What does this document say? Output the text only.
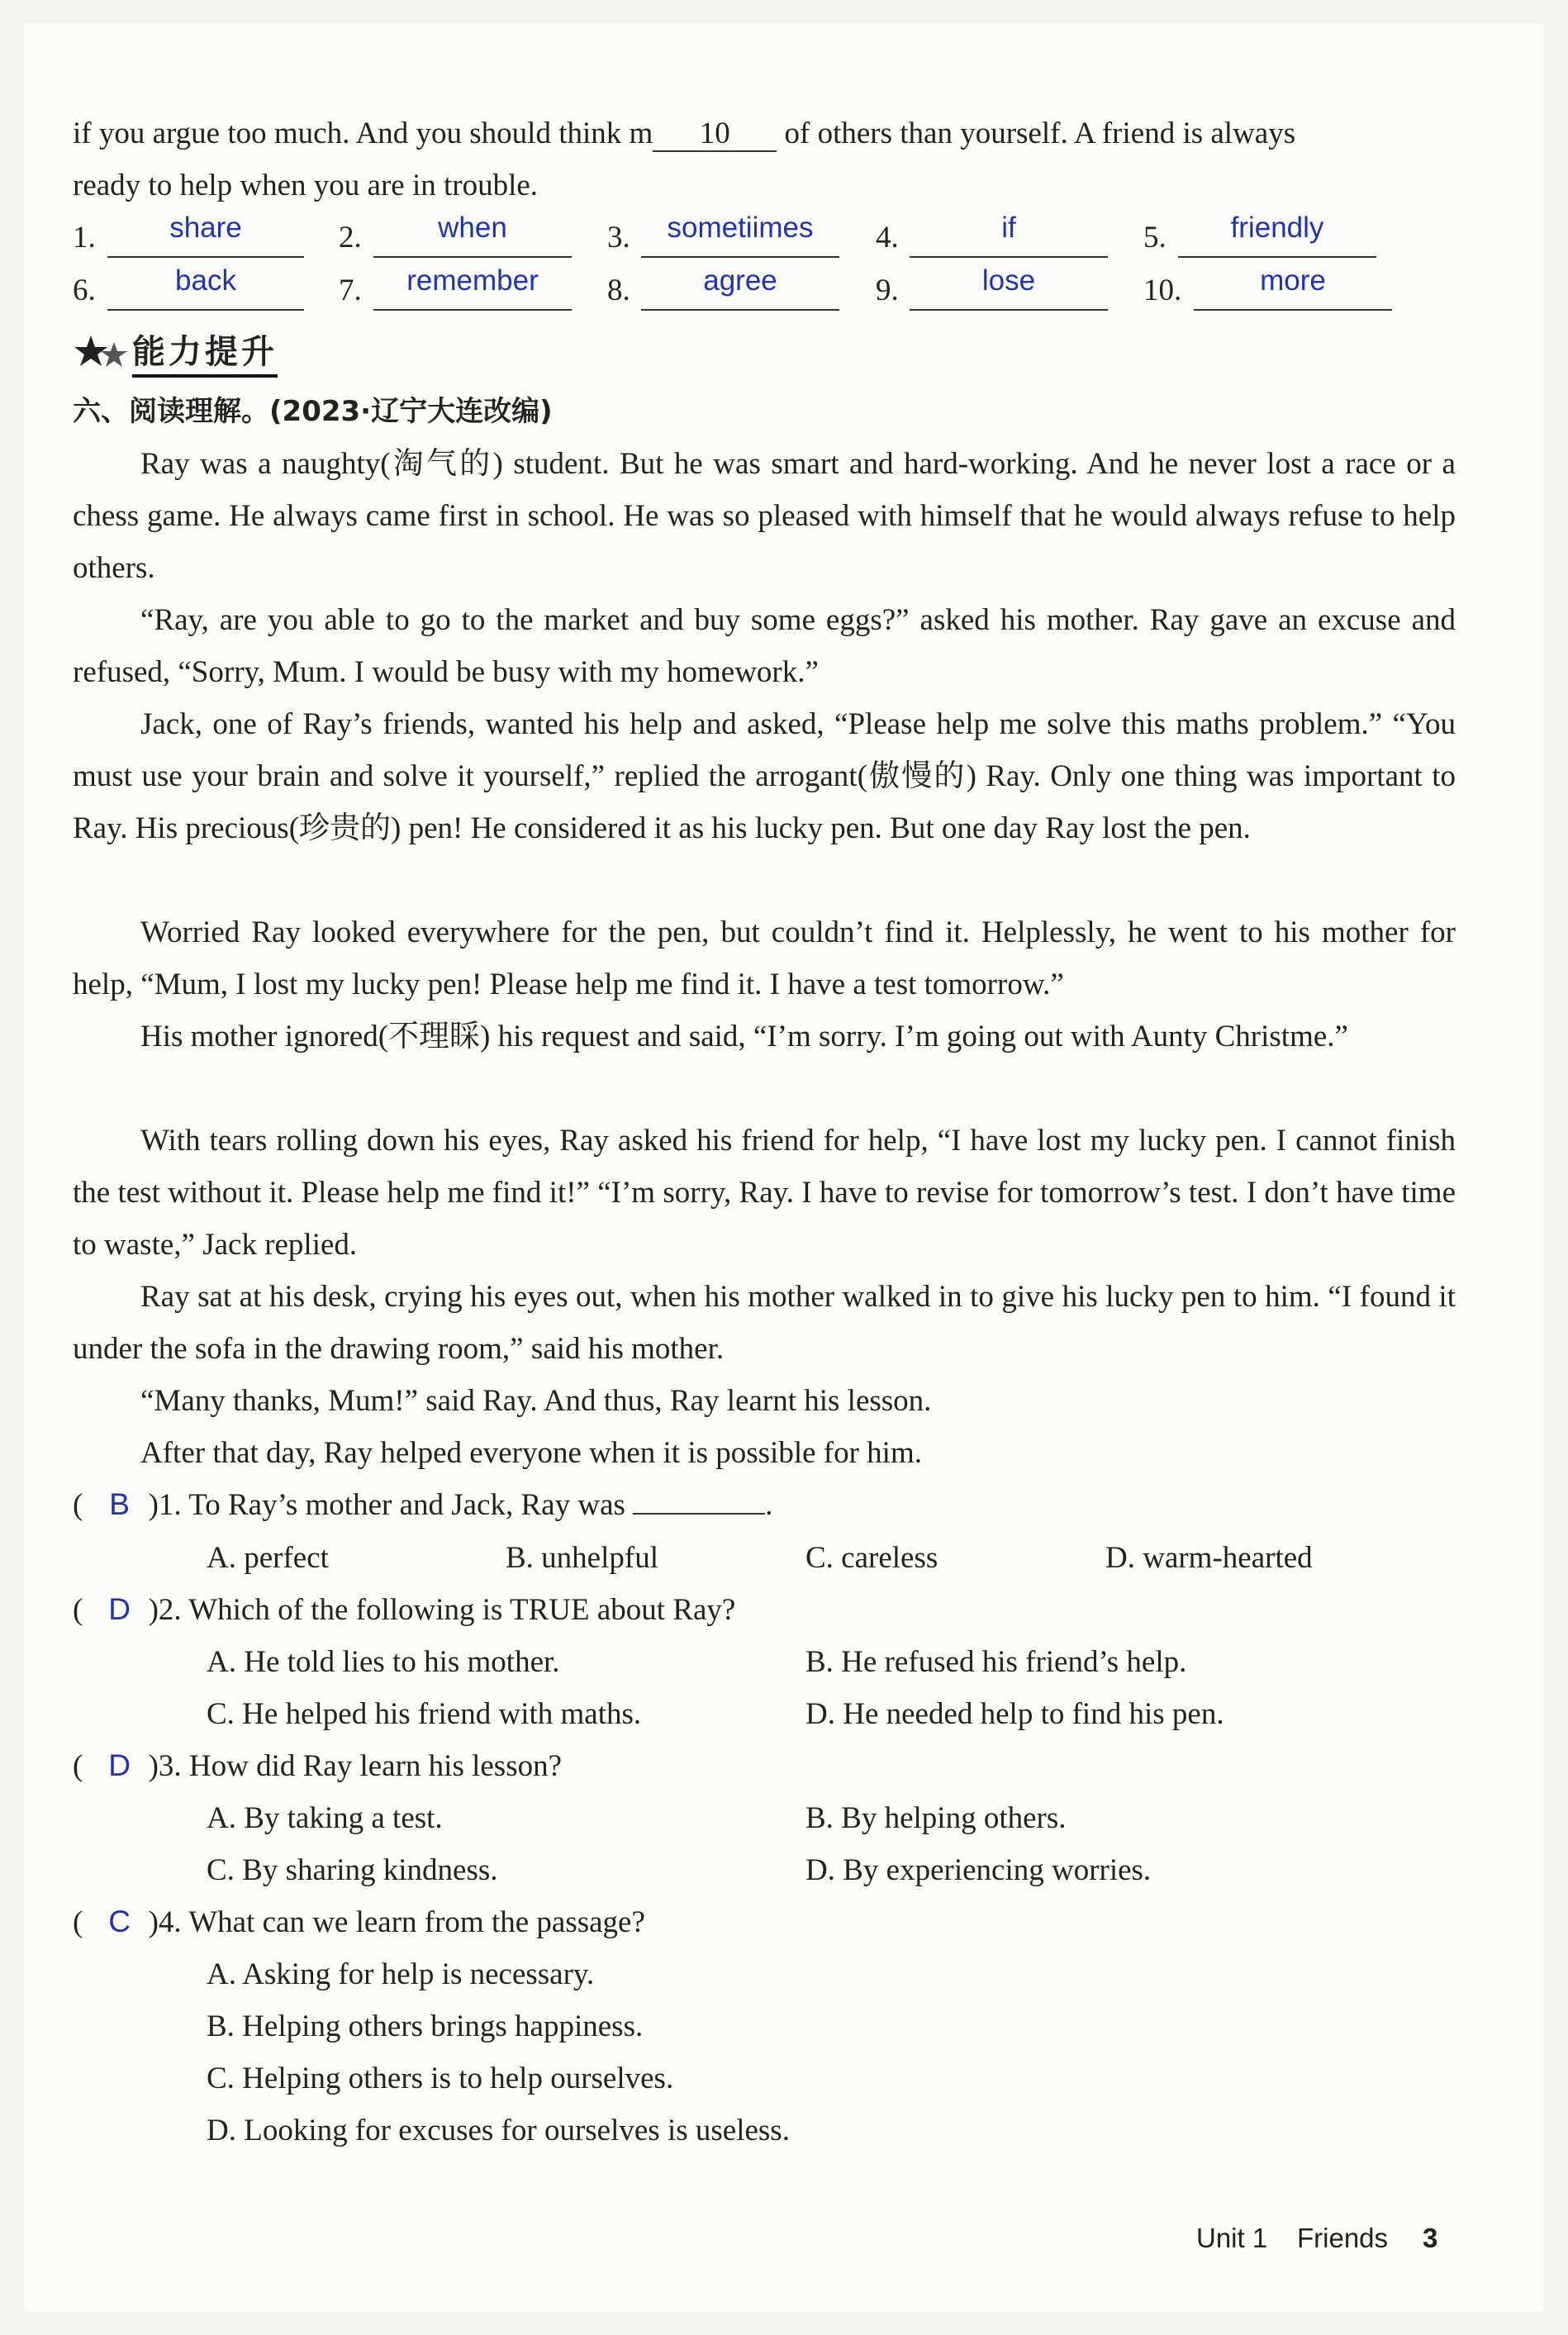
if you argue too much. And you should think m 10 of others than yourself. A friend is always
ready to help when you are in trouble.
1.	share	2.	when	3.	sometiimes	4.	if	5.	friendly
6.	back	7.	remember	8.	agree	9.	lose	10.	more
能力提升
六、阅读理解。(2023·辽宁大连改编)
Ray was a naughty(淘气的) student. But he was smart and hard-working. And he never lost a race or a chess game. He always came first in school. He was so pleased with himself that he would always refuse to help others.
“Ray, are you able to go to the market and buy some eggs?” asked his mother. Ray gave an excuse and refused, “Sorry, Mum. I would be busy with my homework.”
Jack, one of Ray’s friends, wanted his help and asked, “Please help me solve this maths problem.” “You must use your brain and solve it yourself,” replied the arrogant(傲慢的) Ray. Only one thing was important to Ray. His precious(珍贵的) pen! He considered it as his lucky pen. But one day Ray lost the pen.
Worried Ray looked everywhere for the pen, but couldn’t find it. Helplessly, he went to his mother for help, “Mum, I lost my lucky pen! Please help me find it. I have a test tomorrow.”
His mother ignored(不理睬) his request and said, “I’m sorry. I’m going out with Aunty Christme.”
With tears rolling down his eyes, Ray asked his friend for help, “I have lost my lucky pen. I cannot finish the test without it. Please help me find it!” “I’m sorry, Ray. I have to revise for tomorrow’s test. I don’t have time to waste,” Jack replied.
Ray sat at his desk, crying his eyes out, when his mother walked in to give his lucky pen to him. “I found it under the sofa in the drawing room,” said his mother.
“Many thanks, Mum!” said Ray. And thus, Ray learnt his lesson.
After that day, Ray helped everyone when it is possible for him.
( B )1. To Ray’s mother and Jack, Ray was	.
A. perfect	B. unhelpful	C. careless	D. warm-hearted
( D )2. Which of the following is TRUE about Ray?
A. He told lies to his mother.	B. He refused his friend’s help.
C. He helped his friend with maths.	D. He needed help to find his pen.
( D )3. How did Ray learn his lesson?
A. By taking a test.	B. By helping others.
C. By sharing kindness.	D. By experiencing worries.
( C )4. What can we learn from the passage?
A. Asking for help is necessary.
B. Helping others brings happiness.
C. Helping others is to help ourselves.
D. Looking for excuses for ourselves is useless.
Unit 1 Friends 3
